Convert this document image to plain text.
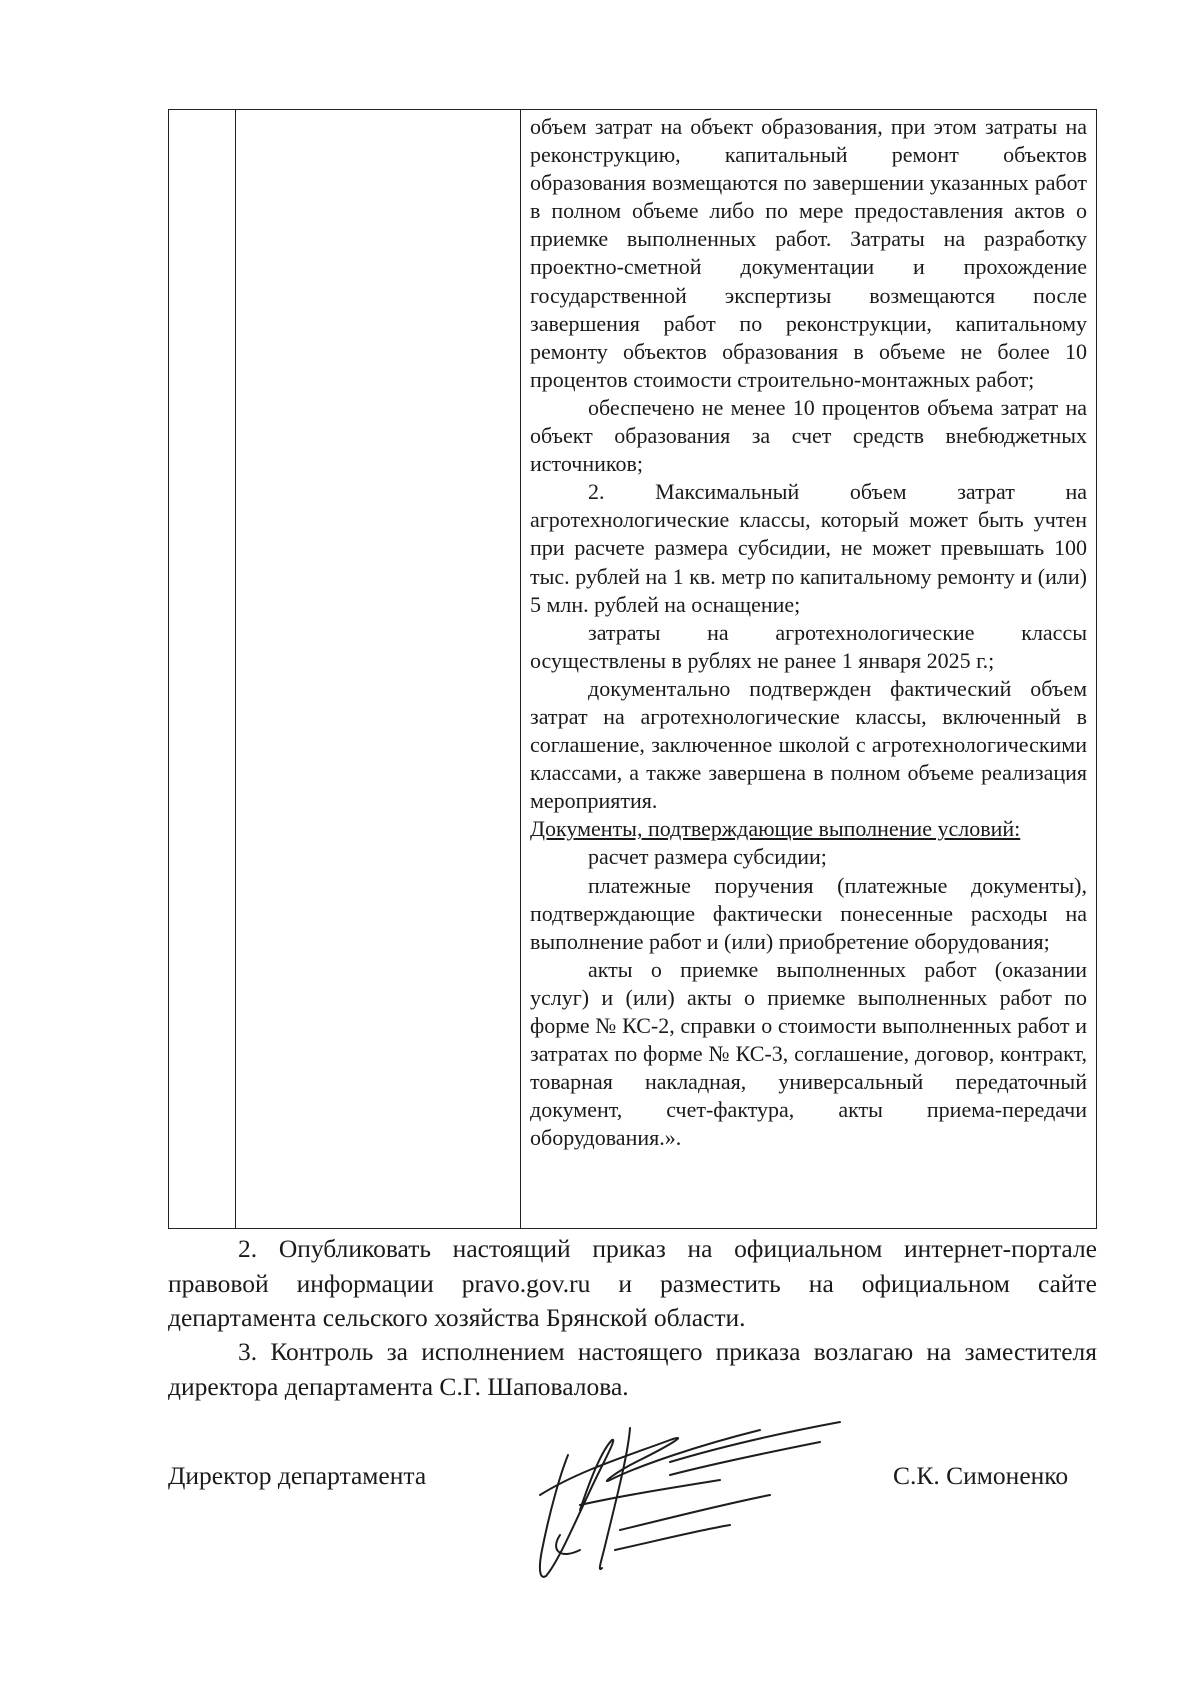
объем затрат на объект образования, при этом затраты на реконструкцию, капитальный ремонт объектов образования возмещаются по завершении указанных работ в полном объеме либо по мере предоставления актов о приемке выполненных работ. Затраты на разработку проектно-сметной документации и прохождение государственной экспертизы возмещаются после завершения работ по реконструкции, капитальному ремонту объектов образования в объеме не более 10 процентов стоимости строительно-монтажных работ;

обеспечено не менее 10 процентов объема затрат на объект образования за счет средств внебюджетных источников;

2. Максимальный объем затрат на агротехнологические классы, который может быть учтен при расчете размера субсидии, не может превышать 100 тыс. рублей на 1 кв. метр по капитальному ремонту и (или) 5 млн. рублей на оснащение;

затраты на агротехнологические классы осуществлены в рублях не ранее 1 января 2025 г.;

документально подтвержден фактический объем затрат на агротехнологические классы, включенный в соглашение, заключенное школой с агротехнологическими классами, а также завершена в полном объеме реализация мероприятия.

Документы, подтверждающие выполнение условий:

расчет размера субсидии;

платежные поручения (платежные документы), подтверждающие фактически понесенные расходы на выполнение работ и (или) приобретение оборудования;

акты о приемке выполненных работ (оказании услуг) и (или) акты о приемке выполненных работ по форме № КС-2, справки о стоимости выполненных работ и затратах по форме № КС-3, соглашение, договор, контракт, товарная накладная, универсальный передаточный документ, счет-фактура, акты приема-передачи оборудования.».

2. Опубликовать настоящий приказ на официальном интернет-портале правовой информации pravo.gov.ru и разместить на официальном сайте департамента сельского хозяйства Брянской области.

3. Контроль за исполнением настоящего приказа возлагаю на заместителя директора департамента С.Г. Шаповалова.

Директор департамента	С.К. Симоненко
